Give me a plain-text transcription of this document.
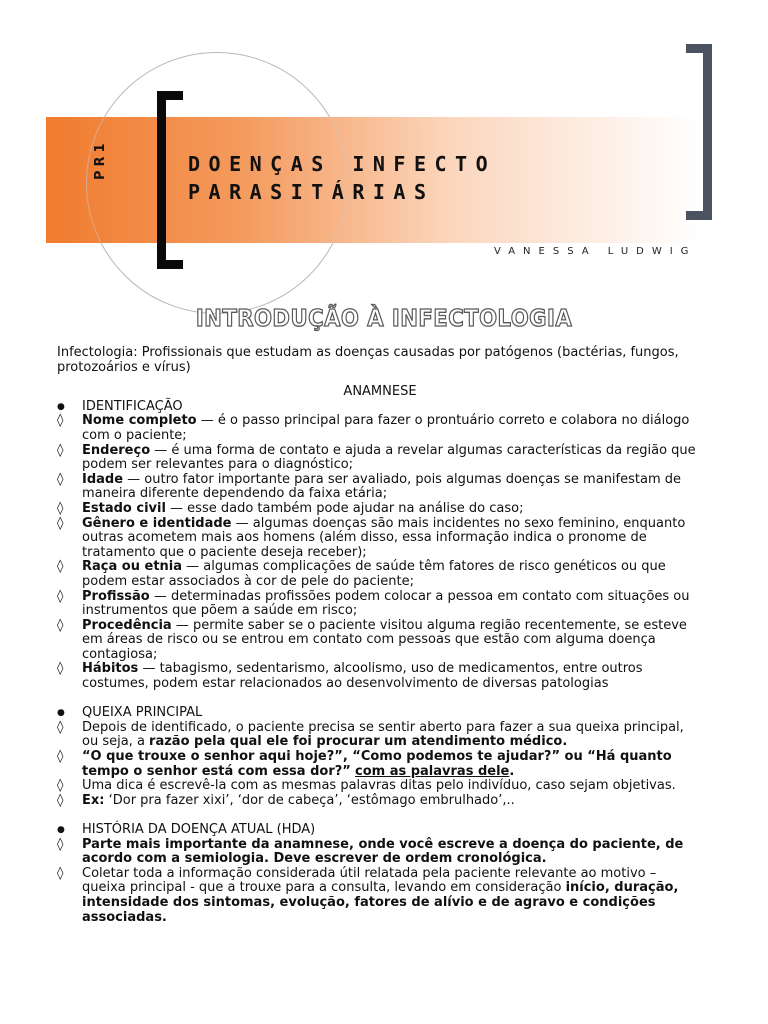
PR1	DOENÇAS INFECTO
PARASITÁRIAS
VANESSA LUDWIG
INTRODUÇÃO À INFECTOLOGIA
Infectologia: Profissionais que estudam as doenças causadas por patógenos (bactérias, fungos, protozoários e vírus)
ANAMNESE
●	IDENTIFICAÇÃO
◊	Nome completo — é o passo principal para fazer o prontuário correto e colabora no diálogo com o paciente;
◊	Endereço — é uma forma de contato e ajuda a revelar algumas características da região que podem ser relevantes para o diagnóstico;
◊	Idade — outro fator importante para ser avaliado, pois algumas doenças se manifestam de maneira diferente dependendo da faixa etária;
◊	Estado civil — esse dado também pode ajudar na análise do caso;
◊	Gênero e identidade — algumas doenças são mais incidentes no sexo feminino, enquanto outras acometem mais aos homens (além disso, essa informação indica o pronome de tratamento que o paciente deseja receber);
◊	Raça ou etnia — algumas complicações de saúde têm fatores de risco genéticos ou que podem estar associados à cor de pele do paciente;
◊	Profissão — determinadas profissões podem colocar a pessoa em contato com situações ou instrumentos que põem a saúde em risco;
◊	Procedência — permite saber se o paciente visitou alguma região recentemente, se esteve em áreas de risco ou se entrou em contato com pessoas que estão com alguma doença contagiosa;
◊	Hábitos — tabagismo, sedentarismo, alcoolismo, uso de medicamentos, entre outros costumes, podem estar relacionados ao desenvolvimento de diversas patologias
●	QUEIXA PRINCIPAL
◊	Depois de identificado, o paciente precisa se sentir aberto para fazer a sua queixa principal, ou seja, a razão pela qual ele foi procurar um atendimento médico.
◊	“O que trouxe o senhor aqui hoje?”, “Como podemos te ajudar?” ou “Há quanto tempo o senhor está com essa dor?” com as palavras dele.
◊	Uma dica é escrevê-la com as mesmas palavras ditas pelo indivíduo, caso sejam objetivas.
◊	Ex: ‘Dor pra fazer xixi’, ‘dor de cabeça’, ‘estômago embrulhado’,..
●	HISTÓRIA DA DOENÇA ATUAL (HDA)
◊	Parte mais importante da anamnese, onde você escreve a doença do paciente, de acordo com a semiologia. Deve escrever de ordem cronológica.
◊	Coletar toda a informação considerada útil relatada pela paciente relevante ao motivo – queixa principal - que a trouxe para a consulta, levando em consideração início, duração, intensidade dos sintomas, evolução, fatores de alívio e de agravo e condições associadas.
